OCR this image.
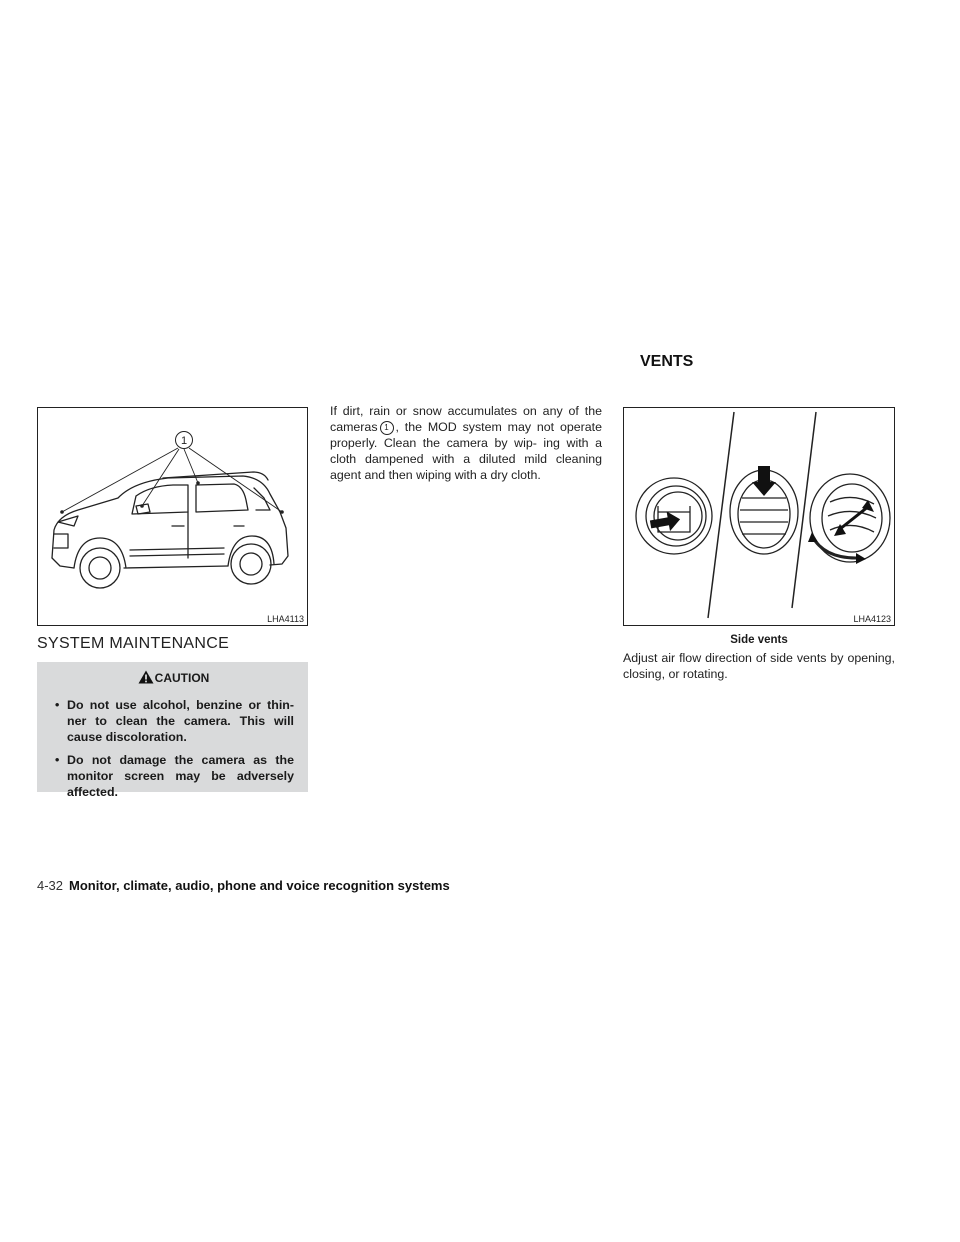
1
LHA4113
SYSTEM MAINTENANCE
CAUTION
• Do not use alcohol, benzine or thin- ner to clean the camera. This will cause discoloration.
• Do not damage the camera as the monitor screen may be adversely affected.
If dirt, rain or snow accumulates on any of the cameras 1 , the MOD system may not operate properly. Clean the camera by wip- ing with a cloth dampened with a diluted mild cleaning agent and then wiping with a dry cloth.
VENTS
LHA4123
Side vents
Adjust air flow direction of side vents by opening, closing, or rotating.
4-32 Monitor, climate, audio, phone and voice recognition systems
